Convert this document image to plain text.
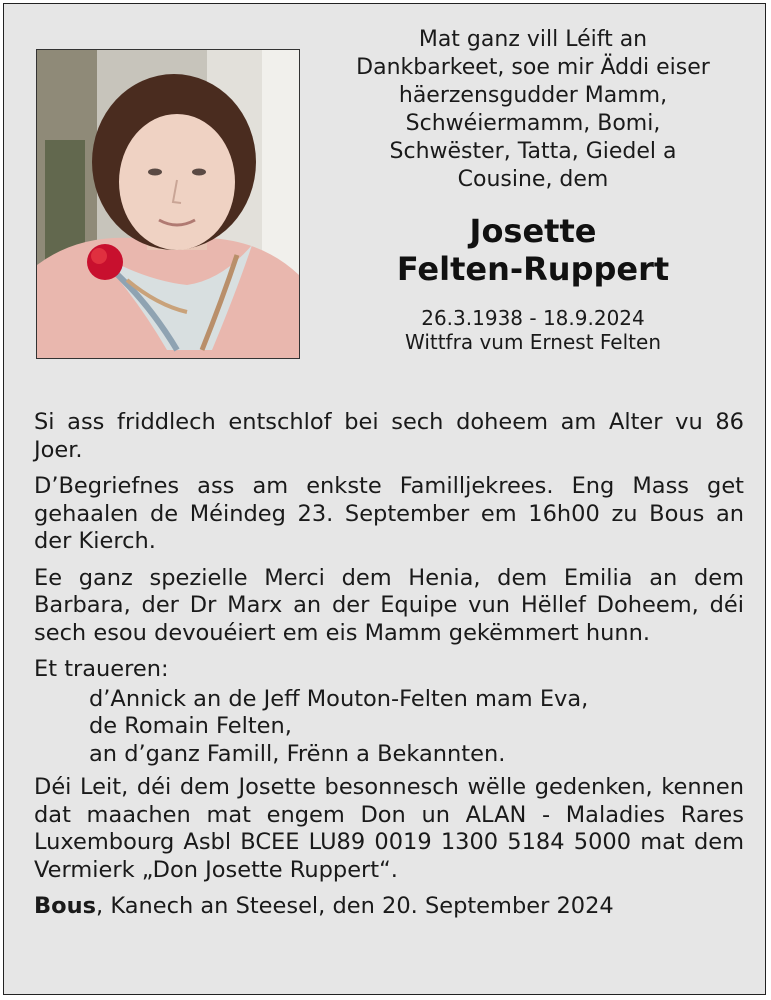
Mat ganz vill Léift an
Dankbarkeet, soe mir Äddi eiser
häerzensgudder Mamm,
Schwéiermamm, Bomi,
Schwëster, Tatta, Giedel a
Cousine, dem
Josette
Felten-Ruppert
26.3.1938 - 18.9.2024
Wittfra vum Ernest Felten

Si ass friddlech entschlof bei sech doheem am Alter vu 86 Joer.

D’Begriefnes ass am enkste Familljekrees. Eng Mass get gehaalen de Méindeg 23. September em 16h00 zu Bous an der Kierch.

Ee ganz spezielle Merci dem Henia, dem Emilia an dem Barbara, der Dr Marx an der Equipe vun Hëllef Doheem, déi sech esou devouéiert em eis Mamm gekëmmert hunn.

Et traueren:

d’Annick an de Jeff Mouton-Felten mam Eva,
de Romain Felten,
an d’ganz Famill, Frënn a Bekannten.

Déi Leit, déi dem Josette besonnesch wëlle gedenken, kennen dat maachen mat engem Don un ALAN - Maladies Rares Luxembourg Asbl BCEE LU89 0019 1300 5184 5000 mat dem Vermierk „Don Josette Ruppert“.

Bous, Kanech an Steesel, den 20. September 2024
